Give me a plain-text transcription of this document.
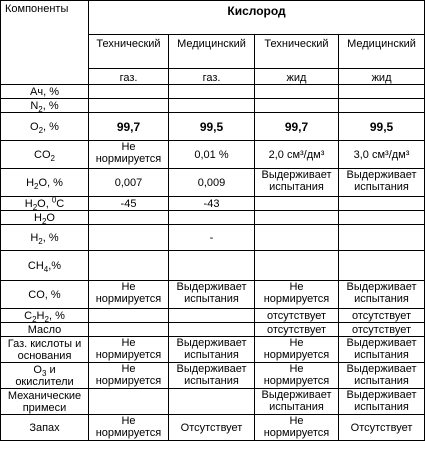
Компоненты	Кислород			
	Технический	Медицинский	Технический	Медицинский
	газ.	газ.	жид	жид
Ач, %				
$N_2$, %				
$O_2$, %	99,7	99,5	99,7	99,5
$CO_2$	Не нормируется	0,01 %	2,0 см³/дм³	3,0 см³/дм³
$H_2O$, %	0,007	0,009	Выдерживает испытания	Выдерживает испытания
$H_2O$, $^0$C	-45	-43		
$H_2O$				
$H_2$, %		-		
$CH_4,\%$				
CO, %	Не нормируется	Выдерживает испытания	Не нормируется	Выдерживает испытания
$C_2H_2$, %			отсутствует	отсутствует
Масло			отсутствует	отсутствует
Газ. кислоты и основания	Не нормируется	Выдерживает испытания	Не нормируется	Выдерживает испытания
$O_3$ и окислители	Не нормируется	Выдерживает испытания	Не нормируется	Выдерживает испытания
Механические примеси			Выдерживает испытания	Выдерживает испытания
Запах	Не нормируется	Отсутствует	Не нормируется	Отсутствует
